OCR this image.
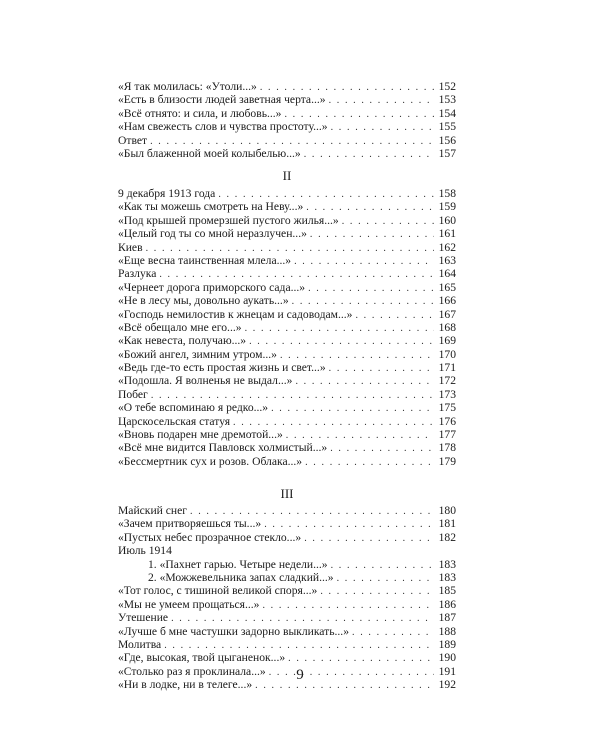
«Я так молилась: «Утоли...» . . .	152
«Есть в близости людей заветная черта...» . . .	153
«Всё отнято: и сила, и любовь...» . . .	154
«Нам свежесть слов и чувства простоту...» . . .	155
Ответ . . .	156
«Был блаженной моей колыбелью...» . . .	157
II
9 декабря 1913 года . . .	158
«Как ты можешь смотреть на Неву...» . . .	159
«Под крышей промерзшей пустого жилья...» . . .	160
«Целый год ты со мной неразлучен...» . . .	161
Киев . . .	162
«Еще весна таинственная млела...» . . .	163
Разлука . . .	164
«Чернеет дорога приморского сада...» . . .	165
«Не в лесу мы, довольно аукать...» . . .	166
«Господь немилостив к жнецам и садоводам...» . . .	167
«Всё обещало мне его...» . . .	168
«Как невеста, получаю...» . . .	169
«Божий ангел, зимним утром...» . . .	170
«Ведь где-то есть простая жизнь и свет...» . . .	171
«Подошла. Я волненья не выдал...» . . .	172
Побег . . .	173
«О тебе вспоминаю я редко...» . . .	175
Царскосельская статуя . . .	176
«Вновь подарен мне дремотой...» . . .	177
«Всё мне видится Павловск холмистый...» . . .	178
«Бессмертник сух и розов. Облака...» . . .	179
III
Майский снег . . .	180
«Зачем притворяешься ты...» . . .	181
«Пустых небес прозрачное стекло...» . . .	182
Июль 1914
1. «Пахнет гарью. Четыре недели...» . . .	183
2. «Можжевельника запах сладкий...» . . .	183
«Тот голос, с тишиной великой споря...» . . .	185
«Мы не умеем прощаться...» . . .	186
Утешение . . .	187
«Лучше б мне частушки задорно выкликать...» . . .	188
Молитва . . .	189
«Где, высокая, твой цыганенок...» . . .	190
«Столько раз я проклинала...» . . .	191
«Ни в лодке, ни в телеге...» . . .	192
9
